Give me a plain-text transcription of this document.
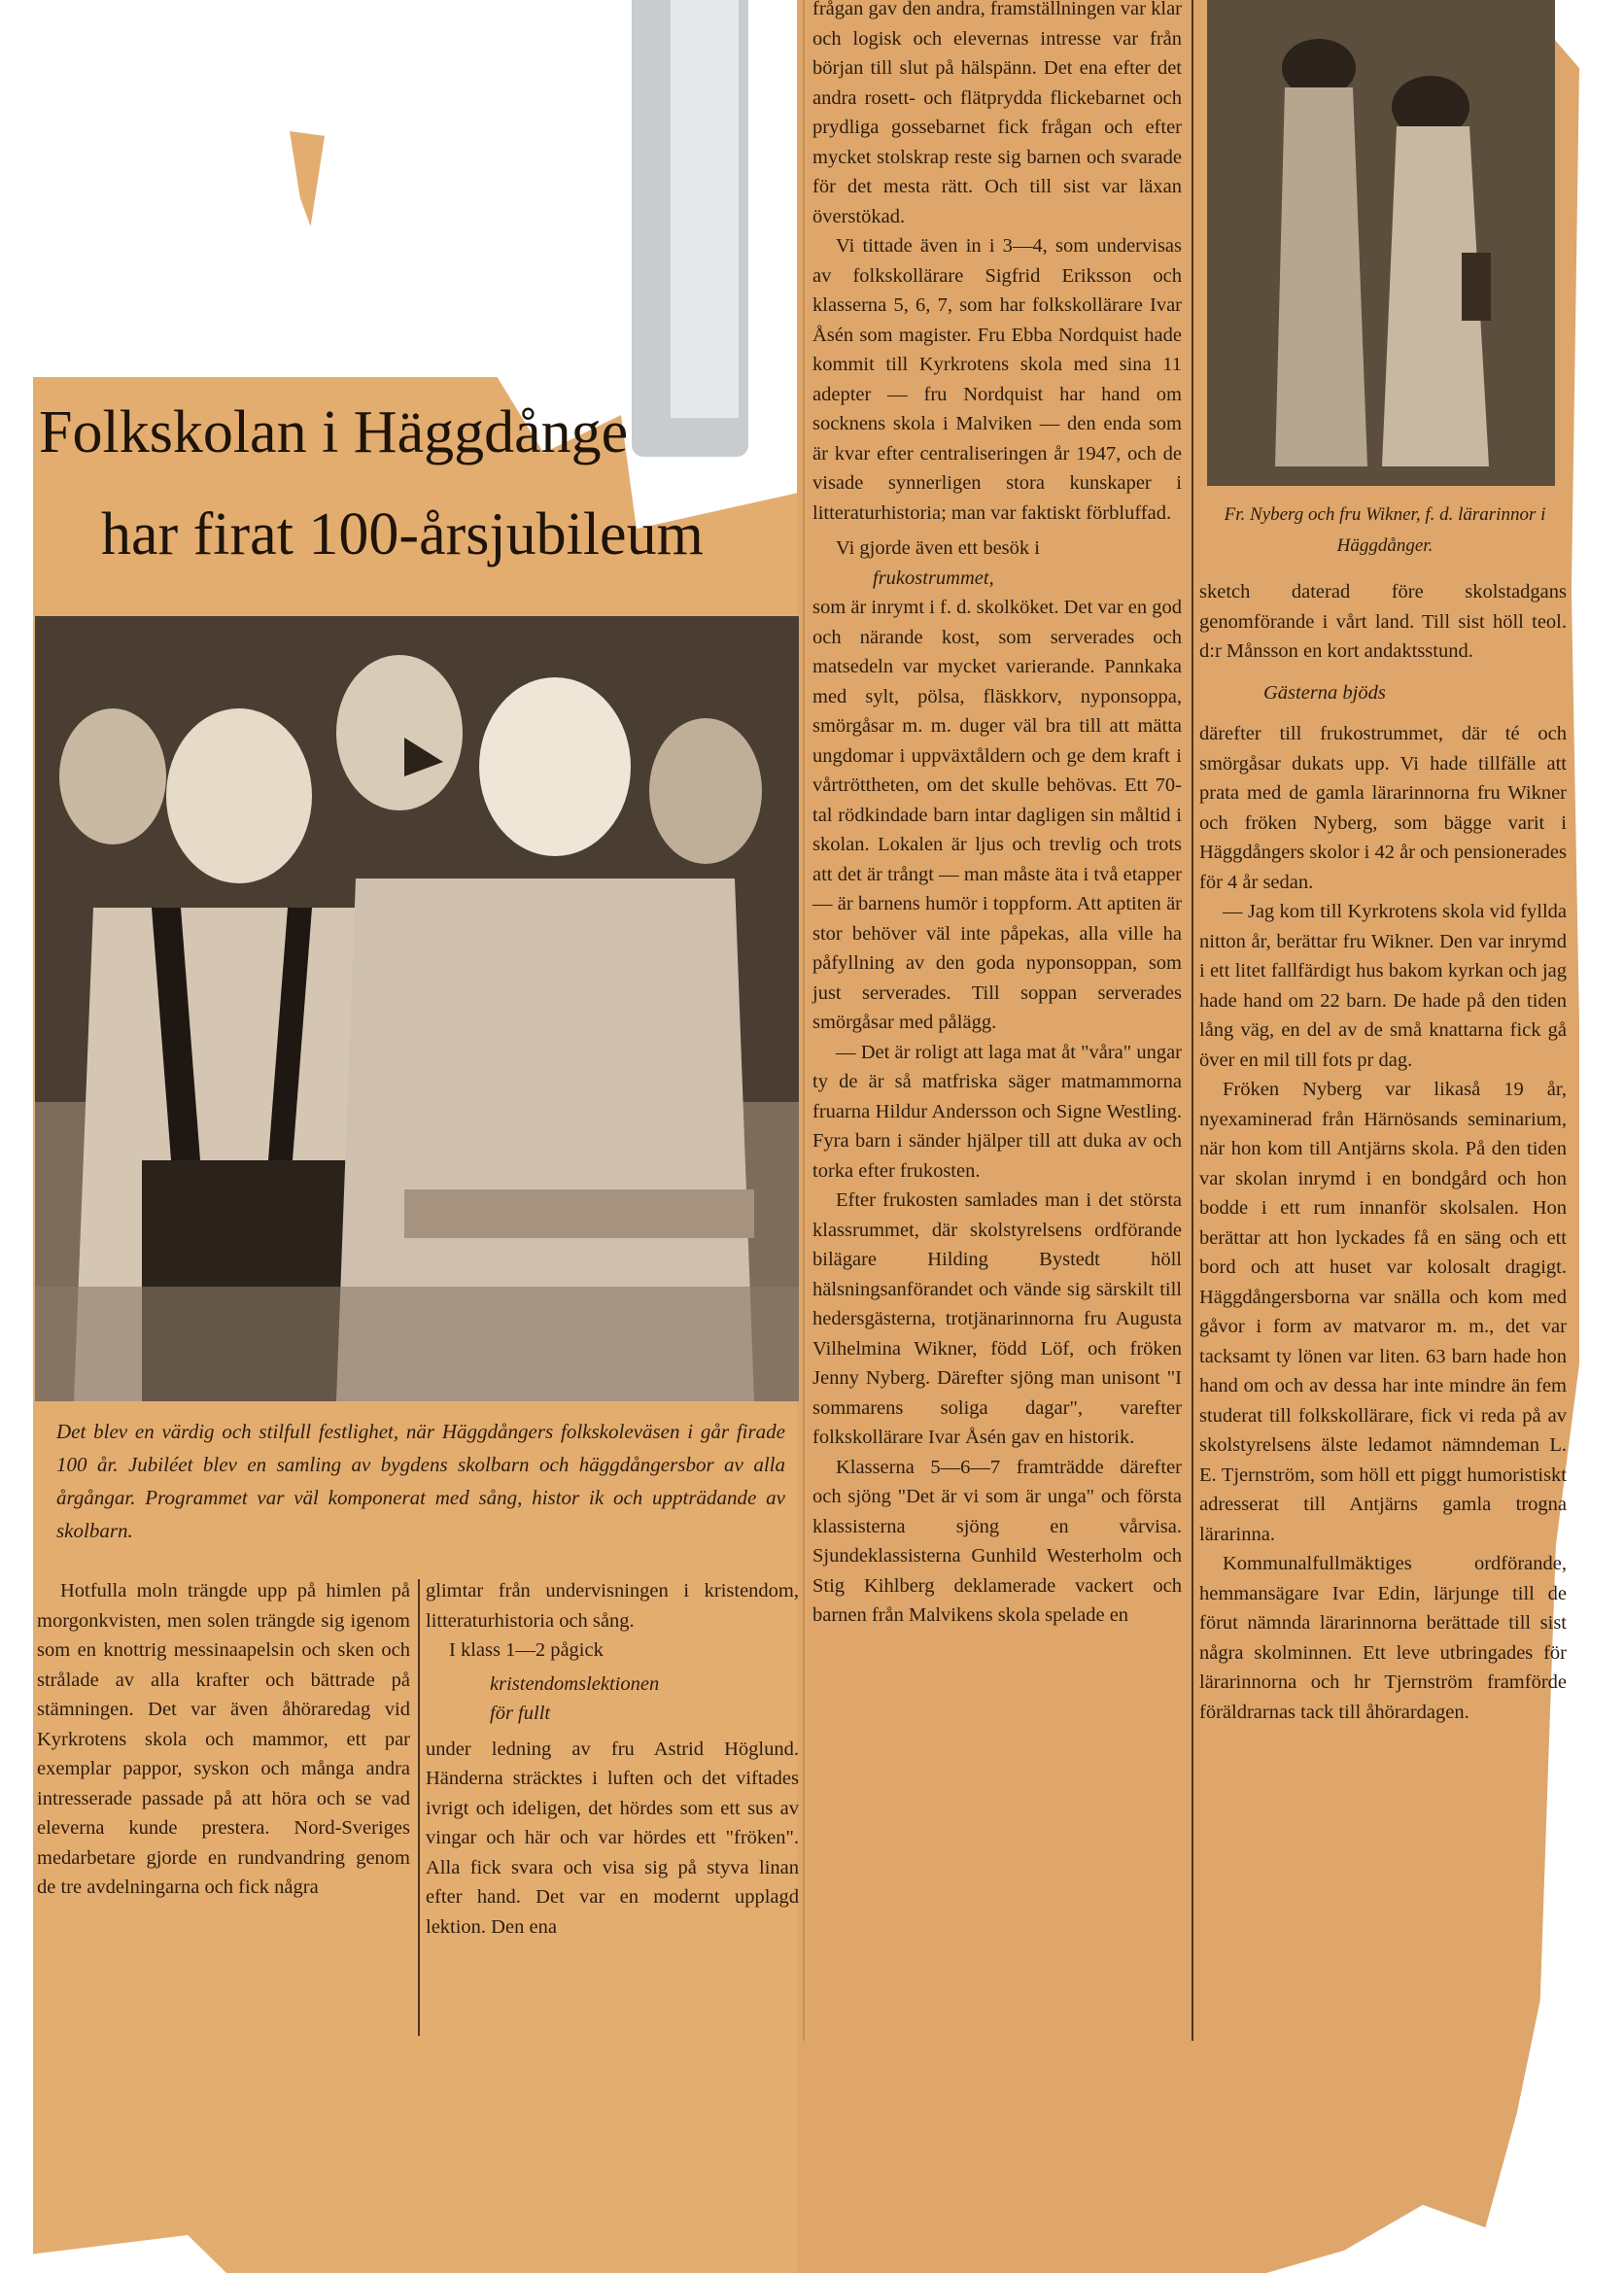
Folkskolan i Häggdånge
har firat 100-årsjubileum
Det blev en värdig och stilfull festlighet, när Häggdångers folkskoleväsen i går firade 100 år. Jubiléet blev en samling av bygdens skolbarn och häggdångersbor av alla årgångar. Programmet var väl komponerat med sång, histor ik och uppträdande av skolbarn.

Hotfulla moln trängde upp på himlen på morgonkvisten, men solen trängde sig igenom som en knottrig messinaapelsin och sken och strålade av alla krafter och bättrade på stämningen. Det var även åhöraredag vid Kyrkrotens skola och mammor, ett par exemplar pappor, syskon och många andra intresserade passade på att höra och se vad eleverna kunde prestera. Nord-Sveriges medarbetare gjorde en rundvandring genom de tre avdelningarna och fick några

glimtar från undervisningen i kristendom, litteraturhistoria och sång.

I klass 1—2 pågick

kristendomslektionen

för fullt

under ledning av fru Astrid Höglund. Händerna sträcktes i luften och det viftades ivrigt och ideligen, det hördes som ett sus av vingar och här och var hördes ett "fröken". Alla fick svara och visa sig på styva linan efter hand. Det var en modernt upplagd lektion. Den ena

frågan gav den andra, framställningen var klar och logisk och elevernas intresse var från början till slut på hälspänn. Det ena efter det andra rosett- och flätprydda flickebarnet och prydliga gossebarnet fick frågan och efter mycket stolskrap reste sig barnen och svarade för det mesta rätt. Och till sist var läxan överstökad.

Vi tittade även in i 3—4, som undervisas av folkskollärare Sigfrid Eriksson och klasserna 5, 6, 7, som har folkskollärare Ivar Åsén som magister. Fru Ebba Nordquist hade kommit till Kyrkrotens skola med sina 11 adepter — fru Nordquist har hand om socknens skola i Malviken — den enda som är kvar efter centraliseringen år 1947, och de visade synnerligen stora kunskaper i litteraturhistoria; man var faktiskt förbluffad.

Vi gjorde även ett besök i

frukostrummet,

som är inrymt i f. d. skolköket. Det var en god och närande kost, som serverades och matsedeln var mycket varierande. Pannkaka med sylt, pölsa, fläskkorv, nyponsoppa, smörgåsar m. m. duger väl bra till att mätta ungdomar i uppväxtåldern och ge dem kraft i vårtröttheten, om det skulle behövas. Ett 70-tal rödkindade barn intar dagligen sin måltid i skolan. Lokalen är ljus och trevlig och trots att det är trångt — man måste äta i två etapper — är barnens humör i toppform. Att aptiten är stor behöver väl inte påpekas, alla ville ha påfyllning av den goda nyponsoppan, som just serverades. Till soppan serverades smörgåsar med pålägg.

— Det är roligt att laga mat åt "våra" ungar ty de är så matfriska säger matmammorna fruarna Hildur Andersson och Signe Westling. Fyra barn i sänder hjälper till att duka av och torka efter frukosten.

Efter frukosten samlades man i det största klassrummet, där skolstyrelsens ordförande bilägare Hilding Bystedt höll hälsningsanförandet och vände sig särskilt till hedersgästerna, trotjänarinnorna fru Augusta Vilhelmina Wikner, född Löf, och fröken Jenny Nyberg. Därefter sjöng man unisont "I sommarens soliga dagar", varefter folkskollärare Ivar Åsén gav en historik.

Klasserna 5—6—7 framträdde därefter och sjöng "Det är vi som är unga" och första klassisterna sjöng en vårvisa. Sjundeklassisterna Gunhild Westerholm och Stig Kihlberg deklamerade vackert och barnen från Malvikens skola spelade en

Fr. Nyberg och fru Wikner, f. d. lärarinnor i Häggdånger.

sketch daterad före skolstadgans genomförande i vårt land. Till sist höll teol. d:r Månsson en kort andaktsstund.

Gästerna bjöds

därefter till frukostrummet, där té och smörgåsar dukats upp. Vi hade tillfälle att prata med de gamla lärarinnorna fru Wikner och fröken Nyberg, som bägge varit i Häggdångers skolor i 42 år och pensionerades för 4 år sedan.

— Jag kom till Kyrkrotens skola vid fyllda nitton år, berättar fru Wikner. Den var inrymd i ett litet fallfärdigt hus bakom kyrkan och jag hade hand om 22 barn. De hade på den tiden lång väg, en del av de små knattarna fick gå över en mil till fots pr dag.

Fröken Nyberg var likaså 19 år, nyexaminerad från Härnösands seminarium, när hon kom till Antjärns skola. På den tiden var skolan inrymd i en bondgård och hon bodde i ett rum innanför skolsalen. Hon berättar att hon lyckades få en säng och ett bord och att huset var kolosalt dragigt. Häggdångersborna var snälla och kom med gåvor i form av matvaror m. m., det var tacksamt ty lönen var liten. 63 barn hade hon hand om och av dessa har inte mindre än fem studerat till folkskollärare, fick vi reda på av skolstyrelsens älste ledamot nämndeman L. E. Tjernström, som höll ett piggt humoristiskt adresserat till Antjärns gamla trogna lärarinna.

Kommunalfullmäktiges ordförande, hemmansägare Ivar Edin, lärjunge till de förut nämnda lärarinnorna berättade till sist några skolminnen. Ett leve utbringades för lärarinnorna och hr Tjernström framförde föräldrarnas tack till åhörardagen.
